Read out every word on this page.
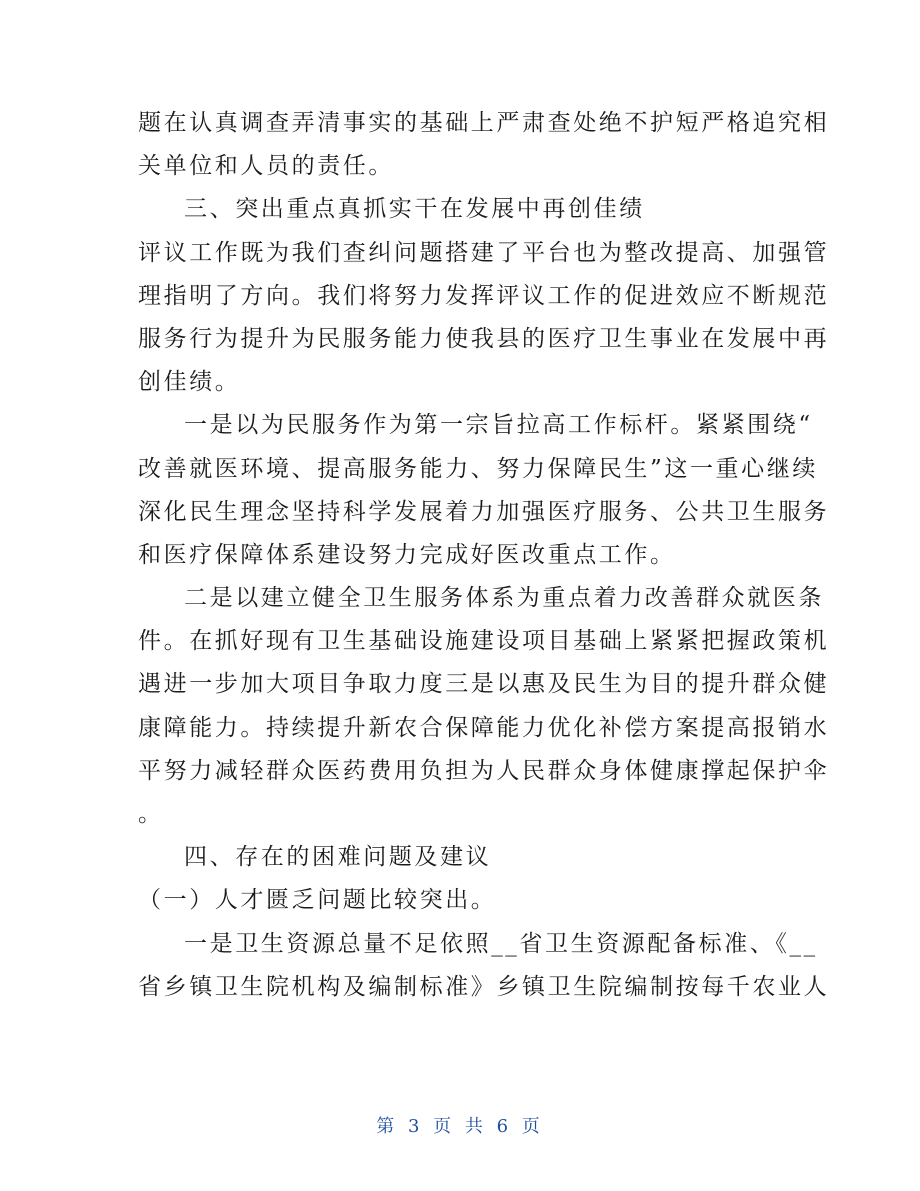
题在认真调查弄清事实的基础上严肃查处绝不护短严格追究相
关单位和人员的责任。
三、突出重点真抓实干在发展中再创佳绩
评议工作既为我们查纠问题搭建了平台也为整改提高、加强管
理指明了方向。我们将努力发挥评议工作的促进效应不断规范
服务行为提升为民服务能力使我县的医疗卫生事业在发展中再
创佳绩。
一是以为民服务作为第一宗旨拉高工作标杆。紧紧围绕“
改善就医环境、提高服务能力、努力保障民生”这一重心继续
深化民生理念坚持科学发展着力加强医疗服务、公共卫生服务
和医疗保障体系建设努力完成好医改重点工作。
二是以建立健全卫生服务体系为重点着力改善群众就医条
件。在抓好现有卫生基础设施建设项目基础上紧紧把握政策机
遇进一步加大项目争取力度三是以惠及民生为目的提升群众健
康障能力。持续提升新农合保障能力优化补偿方案提高报销水
平努力减轻群众医药费用负担为人民群众身体健康撑起保护伞
。
四、存在的困难问题及建议
（一）人才匮乏问题比较突出。
一是卫生资源总量不足依照__省卫生资源配备标准、《__
省乡镇卫生院机构及编制标准》乡镇卫生院编制按每千农业人
第 3 页 共 6 页
